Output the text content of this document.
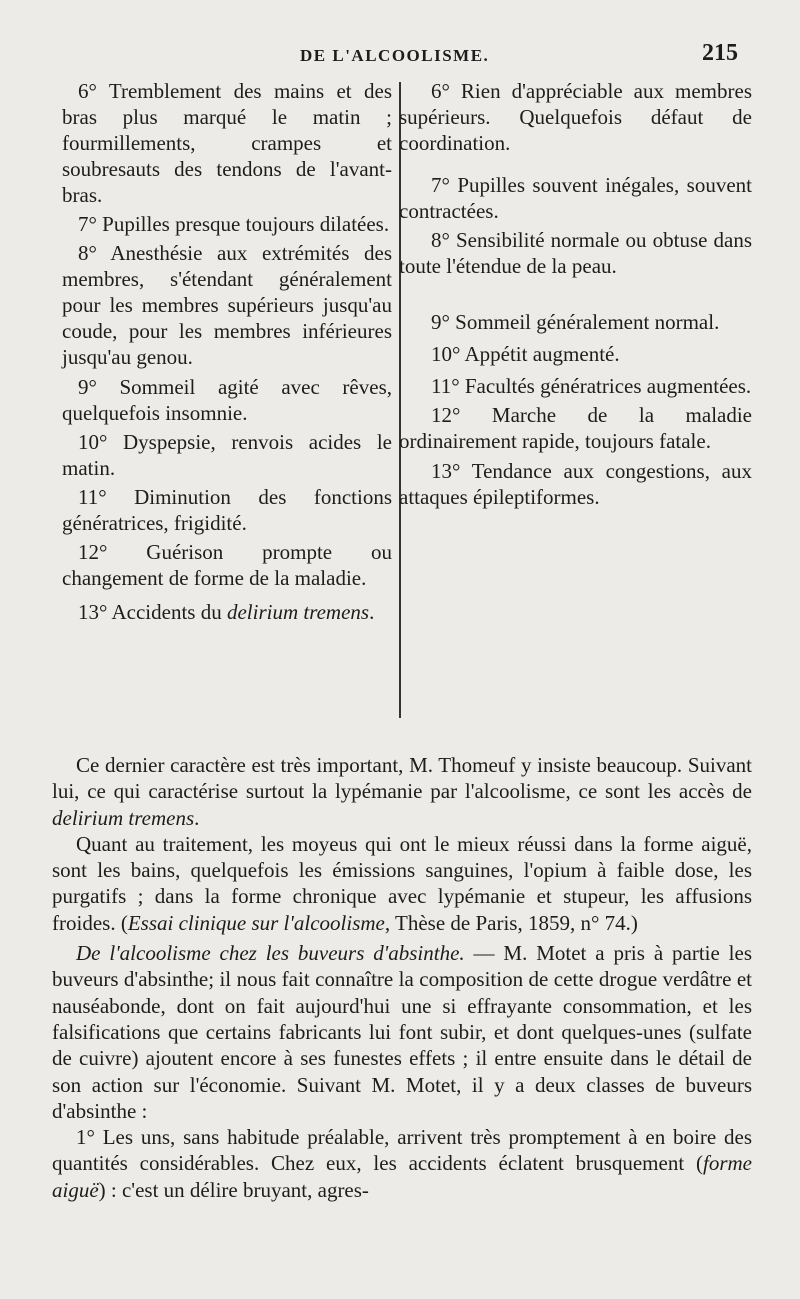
DE L'ALCOOLISME.	215

6° Tremblement des mains et des bras plus marqué le matin ; fourmillements, crampes et soubresauts des tendons de l'avant-bras.

7° Pupilles presque toujours dilatées.

8° Anesthésie aux extrémités des membres, s'étendant généralement pour les membres supérieurs jusqu'au coude, pour les membres inférieures jusqu'au genou.

9° Sommeil agité avec rêves, quelquefois insomnie.

10° Dyspepsie, renvois acides le matin.

11° Diminution des fonctions génératrices, frigidité.

12° Guérison prompte ou changement de forme de la maladie.

13° Accidents du delirium tremens.

6° Rien d'appréciable aux membres supérieurs. Quelquefois défaut de coordination.

7° Pupilles souvent inégales, souvent contractées.

8° Sensibilité normale ou obtuse dans toute l'étendue de la peau.

9° Sommeil généralement normal.

10° Appétit augmenté.

11° Facultés génératrices augmentées.

12° Marche de la maladie ordinairement rapide, toujours fatale.

13° Tendance aux congestions, aux attaques épileptiformes.

Ce dernier caractère est très important, M. Thomeuf y insiste beaucoup. Suivant lui, ce qui caractérise surtout la lypémanie par l'alcoolisme, ce sont les accès de delirium tremens.

Quant au traitement, les moyeus qui ont le mieux réussi dans la forme aiguë, sont les bains, quelquefois les émissions sanguines, l'opium à faible dose, les purgatifs ; dans la forme chronique avec lypémanie et stupeur, les affusions froides. (Essai clinique sur l'alcoolisme, Thèse de Paris, 1859, n° 74.)

De l'alcoolisme chez les buveurs d'absinthe. — M. Motet a pris à partie les buveurs d'absinthe; il nous fait connaître la composition de cette drogue verdâtre et nauséabonde, dont on fait aujourd'hui une si effrayante consommation, et les falsifications que certains fabricants lui font subir, et dont quelques-unes (sulfate de cuivre) ajoutent encore à ses funestes effets ; il entre ensuite dans le détail de son action sur l'économie. Suivant M. Motet, il y a deux classes de buveurs d'absinthe :

1° Les uns, sans habitude préalable, arrivent très promptement à en boire des quantités considérables. Chez eux, les accidents éclatent brusquement (forme aiguë) : c'est un délire bruyant, agres-
